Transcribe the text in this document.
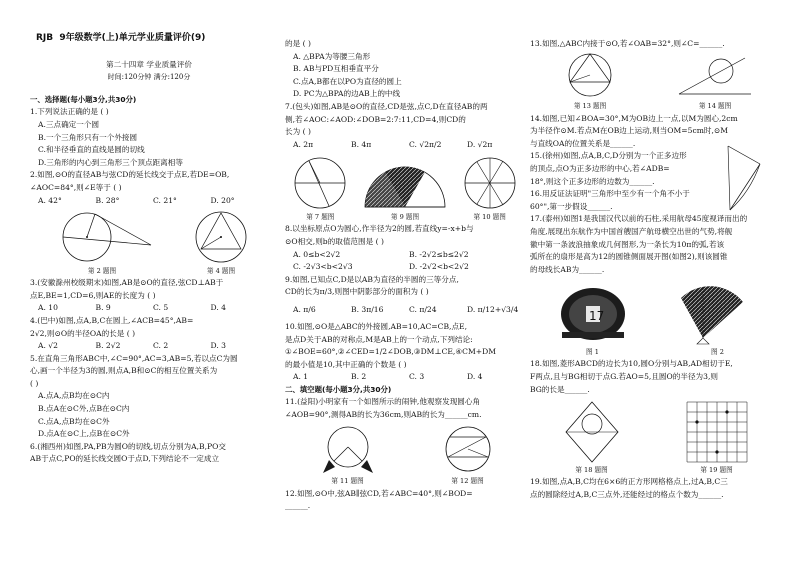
RJB 9年级数学(上)单元学业质量评价(9)
第二十四章 学业质量评价
时间:120分钟 满分:120分
一、选择题(每小题3分,共30分)
1.下列说法正确的是 ( )
A.三点确定一个圆
B.一个三角形只有一个外接圆
C.和半径垂直的直线是圆的切线
D.三角形的内心到三角形三个顶点距离相等
2.如图,⊙O的直径AB与弦CD的延长线交于点E,若DE=OB,
∠AOC=84°,则∠E等于 ( )
A. 42°	B. 28°	C. 21°	D. 20°
第 2 题图	第 4 题图
3.(安徽滁州校级期末)如图,AB是⊙O的直径,弦CD⊥AB于
点E,BE=1,CD=6,则AE的长度为 ( )
A. 10	B. 9	C. 5	D. 4
4.(巴中)如图,点A,B,C在圆上,∠ACB=45°,AB=
2√2,则⊙O的半径OA的长是 ( )
A. √2	B. 2√2	C. 2	D. 3
5.在直角三角形ABC中,∠C=90°,AC=3,AB=5,若以点C为圆
心,画一个半径为3的圆,则点A,B和⊙C的相互位置关系为
( )
A.点A,点B均在⊙C内
B.点A在⊙C外,点B在⊙C内
C.点A,点B均在⊙C外
D.点A在⊙C上,点B在⊙C外
6.(湘西州)如图,PA,PB为圆O的切线,切点分别为A,B,PO交
AB于点C,PO的延长线交圆O于点D,下列结论不一定成立
的是 ( )
A. △BPA为等腰三角形
B. AB与PD互相垂直平分
C.点A,B都在以PO为直径的圆上
D. PC为△BPA的边AB上的中线
7.(包头)如图,AB是⊙O的直径,CD是弦,点C,D在直径AB的两
侧,若∠AOC:∠AOD:∠DOB=2:7:11,CD=4,则CD的
长为 ( )
A. 2π	B. 4π	C. √2π/2	D. √2π
第 7 题图	第 9 题图	第 10 题图
8.以坐标原点O为圆心,作半径为2的圆,若直线y=-x+b与
⊙O相交,则b的取值范围是 ( )
A. 0≤b<2√2	B. -2√2≤b≤2√2
C. -2√3<b<2√3	D. -2√2<b<2√2
9.如图,已知点C,D是以AB为直径的半圆的三等分点,
CD的长为π/3,则图中阴影部分的面积为 ( )
A. π/6	B. 3π/16	C. π/24	D. π/12+√3/4
10.如图,⊙O是△ABC的外接圆,AB=10,AC=CB,点E,
是点D关于AB的对称点,M是AB上的一个动点,下列结论:
①∠BOE=60°,②∠CED=1/2∠DOB,③DM⊥CE,④CM+DM
的最小值是10,其中正确的个数是 ( )
A. 1	B. 2	C. 3	D. 4
二、填空题(每小题3分,共30分)
11.(益阳)小明家有一个如图所示的闹钟,他观察发现圆心角
∠AOB=90°,测得AB的长为36cm,则AB的长为______cm.
第 11 题图	第 12 题图
12.如图,⊙O中,弦AB∥弦CD,若∠ABC=40°,则∠BOD=
______.
13.如图,△ABC内接于⊙O,若∠OAB=32°,则∠C=______.
第 13 题图	第 14 题图
14.如图,已知∠BOA=30°,M为OB边上一点,以M为圆心,2cm
为半径作⊙M.若点M在OB边上运动,则当OM=5cm时,⊙M
与直线OA的位置关系是______.
15.(徐州)如图,点A,B,C,D分别为一个正多边形
的顶点,点O为正多边形的中心,若∠ADB=
18°,则这个正多边形的边数为______.
16.用反证法证明"三角形中至少有一个角不小于
60°",第一步假设______.
17.(泰州)如图1是我国汉代以前的石柱,采用航母45度视译而出的
角度,展现出东航作为中国首艘国产航母横空出世的气势,将舰
徽中第一条波浪抽象成几何图形,为一条长为10π的弧,若该
弧所在的扇形是高为12的圆锥侧面展开图(如图2),则该圆锥
的母线长AB为______.
17
图 1	图 2
18.如图,菱形ABCD的边长为10,圆O分别与AB,AD相切于E,
F两点,且与BG相切于点G.若AO=5,且圆O的半径为3,则
BG的长是______.
第 18 题图	第 19 题图
19.如图,点A,B,C均在6×6的正方形网格格点上,过A,B,C三
点的圆除经过A,B,C三点外,还能经过的格点个数为______.
